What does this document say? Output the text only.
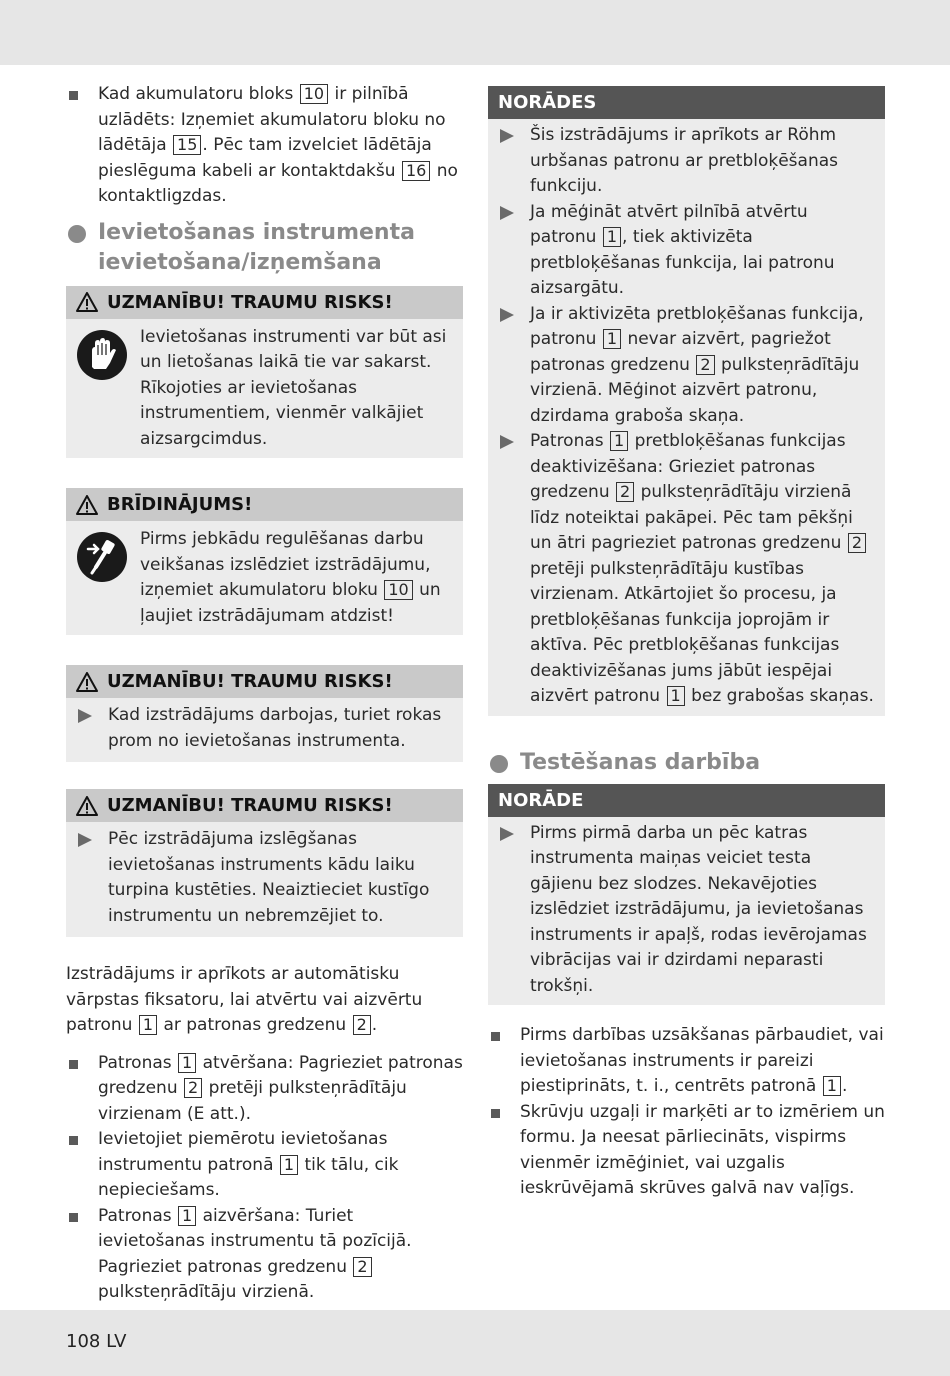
Kad akumulatoru bloks 10 ir pilnībā uzlādēts: Izņemiet akumulatoru bloku no lādētāja 15 . Pēc tam izvelciet lādētāja pieslēguma kabeli ar kontaktdakšu 16 no kontaktligzdas.
Ievietošanas instrumenta
ievietošana/izņemšana
UZMANĪBU! TRAUMU RISKS!
Ievietošanas instrumenti var būt asi un lietošanas laikā tie var sakarst. Rīkojoties ar ievietošanas instrumentiem, vienmēr valkājiet aizsargcimdus.
BRĪDINĀJUMS!
Pirms jebkādu regulēšanas darbu veikšanas izslēdziet izstrādājumu, izņemiet akumulatoru bloku 10 un ļaujiet izstrādājumam atdzist!
UZMANĪBU! TRAUMU RISKS!
Kad izstrādājums darbojas, turiet rokas prom no ievietošanas instrumenta.
UZMANĪBU! TRAUMU RISKS!
Pēc izstrādājuma izslēgšanas ievietošanas instruments kādu laiku turpina kustēties. Neaiztieciet kustīgo instrumentu un nebremzējiet to.
Izstrādājums ir aprīkots ar automātisku vārpstas fiksatoru, lai atvērtu vai aizvērtu patronu 1 ar patronas gredzenu 2 .
Patronas 1 atvēršana: Pagrieziet patronas gredzenu 2 pretēji pulksteņrādītāju virzienam (E att.).
Ievietojiet piemērotu ievietošanas instrumentu patronā 1 tik tālu, cik nepieciešams.
Patronas 1 aizvēršana: Turiet ievietošanas instrumentu tā pozīcijā. Pagrieziet patronas gredzenu 2 pulksteņrādītāju virzienā.
NORĀDES
Šis izstrādājums ir aprīkots ar Röhm urbšanas patronu ar pretbloķēšanas funkciju.
Ja mēģināt atvērt pilnībā atvērtu patronu 1 , tiek aktivizēta pretbloķēšanas funkcija, lai patronu aizsargātu.
Ja ir aktivizēta pretbloķēšanas funkcija, patronu 1 nevar aizvērt, pagriežot patronas gredzenu 2 pulksteņrādītāju virzienā. Mēģinot aizvērt patronu, dzirdama graboša skaņa.
Patronas 1 pretbloķēšanas funkcijas deaktivizēšana: Grieziet patronas gredzenu 2 pulksteņrādītāju virzienā līdz noteiktai pakāpei. Pēc tam pēkšņi un ātri pagrieziet patronas gredzenu 2 pretēji pulksteņrādītāju kustības virzienam. Atkārtojiet šo procesu, ja pretbloķēšanas funkcija joprojām ir aktīva. Pēc pretbloķēšanas funkcijas deaktivizēšanas jums jābūt iespējai aizvērt patronu 1 bez grabošas skaņas.
Testēšanas darbība
NORĀDE
Pirms pirmā darba un pēc katras instrumenta maiņas veiciet testa gājienu bez slodzes. Nekavējoties izslēdziet izstrādājumu, ja ievietošanas instruments ir apaļš, rodas ievērojamas vibrācijas vai ir dzirdami neparasti trokšņi.
Pirms darbības uzsākšanas pārbaudiet, vai ievietošanas instruments ir pareizi piestiprināts, t. i., centrēts patronā 1 .
Skrūvju uzgaļi ir marķēti ar to izmēriem un formu. Ja neesat pārliecināts, vispirms vienmēr izmēģiniet, vai uzgalis ieskrūvējamā skrūves galvā nav vaļīgs.
108 LV
